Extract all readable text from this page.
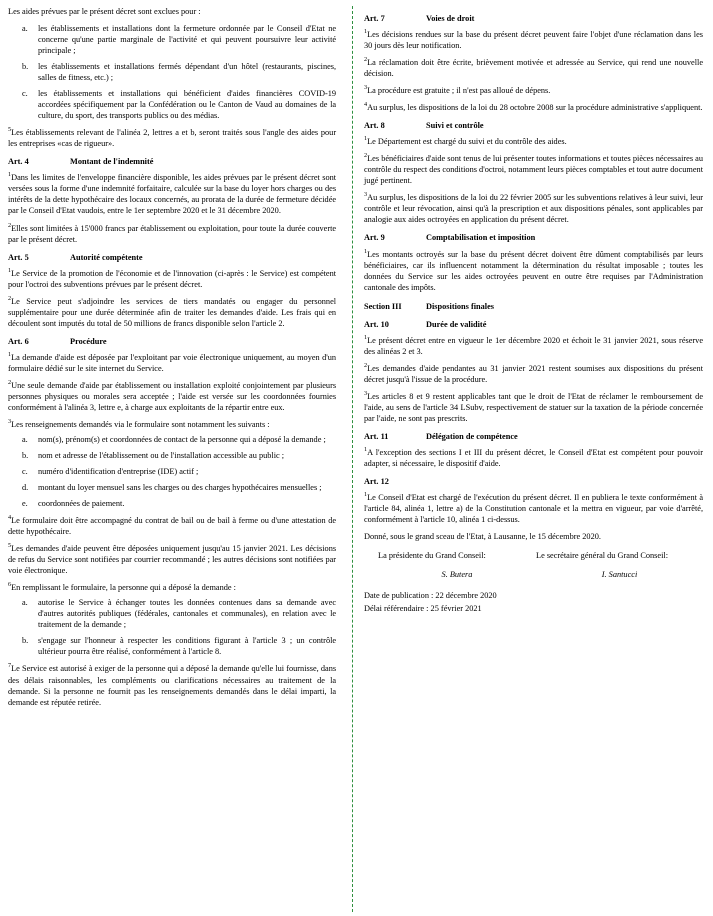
Les aides prévues par le présent décret sont exclues pour :

a.	les établissements et installations dont la fermeture ordonnée par le Conseil d'Etat ne concerne qu'une partie marginale de l'activité et qui peuvent poursuivre leur activité principale ;
b.	les établissements et installations fermés dépendant d'un hôtel (restaurants, piscines, salles de fitness, etc.) ;
c.	les établissements et installations qui bénéficient d'aides financières COVID-19 accordées spécifiquement par la Confédération ou le Canton de Vaud au domaines de la culture, du sport, des transports publics ou des médias.

$^5$Les établissements relevant de l'alinéa 2, lettres a et b, seront traités sous l'angle des aides pour les entreprises «cas de rigueur».

Art. 4	Montant de l'indemnité

$^1$Dans les limites de l'enveloppe financière disponible, les aides prévues par le présent décret sont versées sous la forme d'une indemnité forfaitaire, calculée sur la base du loyer hors charges ou des intérêts de la dette hypothécaire des locaux concernés, au prorata de la durée de fermeture décidée par le Conseil d'Etat vaudois, entre le 1er septembre 2020 et le 31 décembre 2020.

$^2$Elles sont limitées à 15'000 francs par établissement ou exploitation, pour toute la durée couverte par le présent décret.

Art. 5	Autorité compétente

$^1$Le Service de la promotion de l'économie et de l'innovation (ci-après : le Service) est compétent pour l'octroi des subventions prévues par le présent décret.

$^2$Le Service peut s'adjoindre les services de tiers mandatés ou engager du personnel supplémentaire pour une durée déterminée afin de traiter les demandes d'aide. Les frais qui en découlent sont imputés du total de 50 millions de francs disponible selon l'article 2.

Art. 6	Procédure

$^1$La demande d'aide est déposée par l'exploitant par voie électronique uniquement, au moyen d'un formulaire dédié sur le site internet du Service.

$^2$Une seule demande d'aide par établissement ou installation exploité conjointement par plusieurs personnes physiques ou morales sera acceptée ; l'aide est versée sur les coordonnées fournies conformément à l'alinéa 3, lettre e, à charge aux exploitants de la répartir entre eux.

$^3$Les renseignements demandés via le formulaire sont notamment les suivants :

a.	nom(s), prénom(s) et coordonnées de contact de la personne qui a déposé la demande ;
b.	nom et adresse de l'établissement ou de l'installation accessible au public ;
c.	numéro d'identification d'entreprise (IDE) actif ;
d.	montant du loyer mensuel sans les charges ou des charges hypothécaires mensuelles ;
e.	coordonnées de paiement.

$^4$Le formulaire doit être accompagné du contrat de bail ou de bail à ferme ou d'une attestation de dette hypothécaire.

$^5$Les demandes d'aide peuvent être déposées uniquement jusqu'au 15 janvier 2021. Les décisions de refus du Service sont notifiées par courrier recommandé ; les autres décisions sont notifiées par voie électronique.

$^6$En remplissant le formulaire, la personne qui a déposé la demande :

a.	autorise le Service à échanger toutes les données contenues dans sa demande avec d'autres autorités publiques (fédérales, cantonales et communales), en relation avec le traitement de la demande ;
b.	s'engage sur l'honneur à respecter les conditions figurant à l'article 3 ; un contrôle ultérieur pourra être réalisé, conformément à l'article 8.

$^7$Le Service est autorisé à exiger de la personne qui a déposé la demande qu'elle lui fournisse, dans des délais raisonnables, les compléments ou clarifications nécessaires au traitement de la demande. Si la personne ne fournit pas les renseignements demandés dans le délai imparti, la demande est réputée retirée.

Art. 7	Voies de droit

$^1$Les décisions rendues sur la base du présent décret peuvent faire l'objet d'une réclamation dans les 30 jours dès leur notification.

$^2$La réclamation doit être écrite, brièvement motivée et adressée au Service, qui rend une nouvelle décision.

$^3$La procédure est gratuite ; il n'est pas alloué de dépens.

$^4$Au surplus, les dispositions de la loi du 28 octobre 2008 sur la procédure administrative s'appliquent.

Art. 8	Suivi et contrôle

$^1$Le Département est chargé du suivi et du contrôle des aides.

$^2$Les bénéficiaires d'aide sont tenus de lui présenter toutes informations et toutes pièces nécessaires au contrôle du respect des conditions d'octroi, notamment leurs pièces comptables et tout autre document jugé pertinent.

$^3$Au surplus, les dispositions de la loi du 22 février 2005 sur les subventions relatives à leur suivi, leur contrôle et leur révocation, ainsi qu'à la prescription et aux dispositions pénales, sont applicables par analogie aux aides octroyées en application du présent décret.

Art. 9	Comptabilisation et imposition

$^1$Les montants octroyés sur la base du présent décret doivent être dûment comptabilisés par leurs bénéficiaires, car ils influencent notamment la détermination du résultat imposable ; toutes les données du Service sur les aides octroyées peuvent en outre être requises par l'Administration cantonale des impôts.

Section III	Dispositions finales
Art. 10	Durée de validité

$^1$Le présent décret entre en vigueur le 1er décembre 2020 et échoit le 31 janvier 2021, sous réserve des alinéas 2 et 3.

$^2$Les demandes d'aide pendantes au 31 janvier 2021 restent soumises aux dispositions du présent décret jusqu'à l'issue de la procédure.

$^3$Les articles 8 et 9 restent applicables tant que le droit de l'Etat de réclamer le remboursement de l'aide, au sens de l'article 34 LSubv, respectivement de statuer sur la taxation de la période concernée par l'aide, ne sont pas prescrits.

Art. 11	Délégation de compétence

$^1$A l'exception des sections I et III du présent décret, le Conseil d'Etat est compétent pour pouvoir adapter, si nécessaire, le dispositif d'aide.

Art. 12

$^1$Le Conseil d'Etat est chargé de l'exécution du présent décret. Il en publiera le texte conformément à l'article 84, alinéa 1, lettre a) de la Constitution cantonale et la mettra en vigueur, par voie d'arrêté, conformément à l'article 10, alinéa 1 ci-dessus.

Donné, sous le grand sceau de l'Etat, à Lausanne, le 15 décembre 2020.

La présidente du Grand Conseil:	Le secrétaire général du Grand Conseil:
S. Butera	I. Santucci

Date de publication : 22 décembre 2020

Délai référendaire : 25 février 2021
